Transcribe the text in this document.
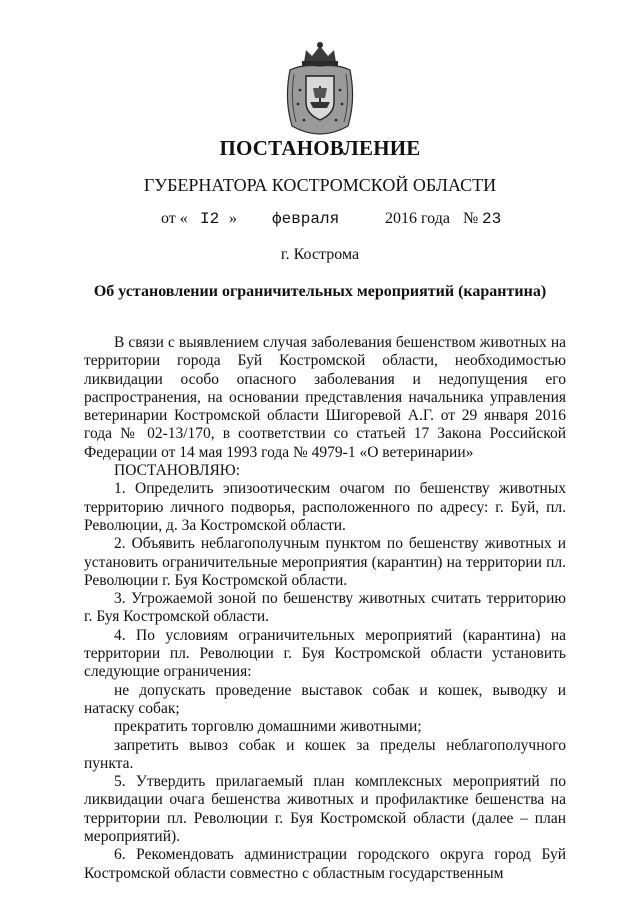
ПОСТАНОВЛЕНИЕ
ГУБЕРНАТОРА КОСТРОМСКОЙ ОБЛАСТИ
от « I2 » февраля	2016 года № 23
г. Кострома
Об установлении ограничительных мероприятий (карантина)

В связи с выявлением случая заболевания бешенством животных на территории города Буй Костромской области, необходимостью ликвидации особо опасного заболевания и недопущения его распространения, на основании представления начальника управления ветеринарии Костромской области Шигоревой А.Г. от 29 января 2016 года № 02-13/170, в соответствии со статьей 17 Закона Российской Федерации от 14 мая 1993 года № 4979-1 «О ветеринарии»

ПОСТАНОВЛЯЮ:

1. Определить эпизоотическим очагом по бешенству животных территорию личного подворья, расположенного по адресу: г. Буй, пл. Революции, д. 3а Костромской области.

2. Объявить неблагополучным пунктом по бешенству животных и установить ограничительные мероприятия (карантин) на территории пл. Революции г. Буя Костромской области.

3. Угрожаемой зоной по бешенству животных считать территорию г. Буя Костромской области.

4. По условиям ограничительных мероприятий (карантина) на территории пл. Революции г. Буя Костромской области установить следующие ограничения:

не допускать проведение выставок собак и кошек, выводку и натаску собак;

прекратить торговлю домашними животными;

запретить вывоз собак и кошек за пределы неблагополучного пункта.

5. Утвердить прилагаемый план комплексных мероприятий по ликвидации очага бешенства животных и профилактике бешенства на территории пл. Революции г. Буя Костромской области (далее – план мероприятий).

6. Рекомендовать администрации городского округа город Буй Костромской области совместно с областным государственным
